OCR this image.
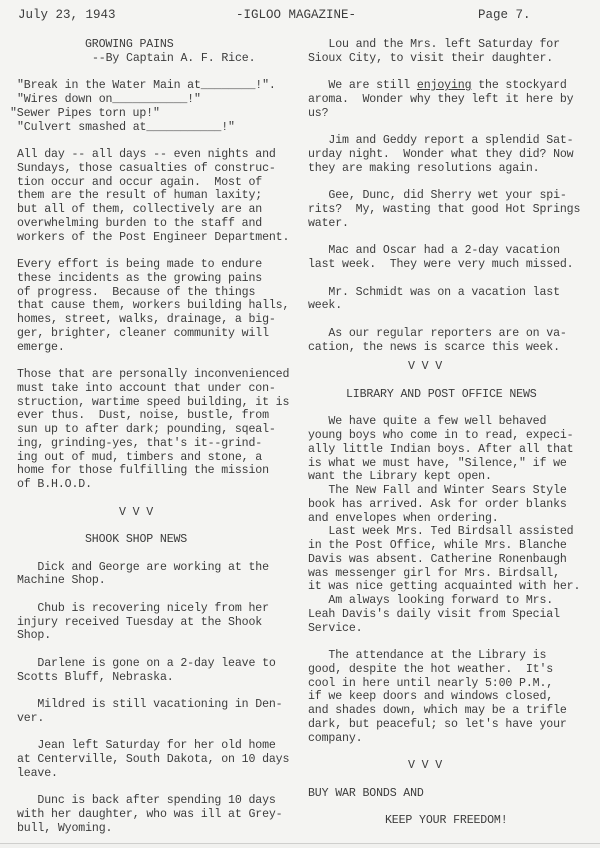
July 23, 1943	-IGLOO MAGAZINE-	Page 7.
GROWING PAINS
--By Captain A. F. Rice.
"Break in the Water Main at________!".
"Wires down on___________!"
"Sewer Pipes torn up!"
"Culvert smashed at___________!"
All day -- all days -- even nights and
Sundays, those casualties of construc-
tion occur and occur again.  Most of
them are the result of human laxity;
but all of them, collectively are an
overwhelming burden to the staff and
workers of the Post Engineer Department.
Every effort is being made to endure
these incidents as the growing pains
of progress.  Because of the things
that cause them, workers building halls,
homes, street, walks, drainage, a big-
ger, brighter, cleaner community will
emerge.
Those that are personally inconvenienced
must take into account that under con-
struction, wartime speed building, it is
ever thus.  Dust, noise, bustle, from
sun up to after dark; pounding, sqeal-
ing, grinding-yes, that's it--grind-
ing out of mud, timbers and stone, a
home for those fulfilling the mission
of B.H.O.D.
V V V
SHOOK SHOP NEWS
Dick and George are working at the
Machine Shop.
Chub is recovering nicely from her
injury received Tuesday at the Shook
Shop.
Darlene is gone on a 2-day leave to
Scotts Bluff, Nebraska.
Mildred is still vacationing in Den-
ver.
Jean left Saturday for her old home
at Centerville, South Dakota, on 10 days
leave.
Dunc is back after spending 10 days
with her daughter, who was ill at Grey-
bull, Wyoming.
Lou and the Mrs. left Saturday for
Sioux City, to visit their daughter.
We are still enjoying the stockyard
aroma.  Wonder why they left it here by
us?
Jim and Geddy report a splendid Sat-
urday night.  Wonder what they did? Now
they are making resolutions again.
Gee, Dunc, did Sherry wet your spi-
rits?  My, wasting that good Hot Springs
water.
Mac and Oscar had a 2-day vacation
last week.  They were very much missed.
Mr. Schmidt was on a vacation last
week.
As our regular reporters are on va-
cation, the news is scarce this week.
V V V
LIBRARY AND POST OFFICE NEWS
We have quite a few well behaved
young boys who come in to read, expeci-
ally little Indian boys. After all that
is what we must have, "Silence," if we
want the Library kept open.
The New Fall and Winter Sears Style
book has arrived. Ask for order blanks
and envelopes when ordering.
Last week Mrs. Ted Birdsall assisted
in the Post Office, while Mrs. Blanche
Davis was absent. Catherine Ronenbaugh
was messenger girl for Mrs. Birdsall,
it was nice getting acquainted with her.
Am always looking forward to Mrs.
Leah Davis's daily visit from Special
Service.
The attendance at the Library is
good, despite the hot weather.  It's
cool in here until nearly 5:00 P.M.,
if we keep doors and windows closed,
and shades down, which may be a trifle
dark, but peaceful; so let's have your
company.
V V V
BUY WAR BONDS AND
KEEP YOUR FREEDOM!
